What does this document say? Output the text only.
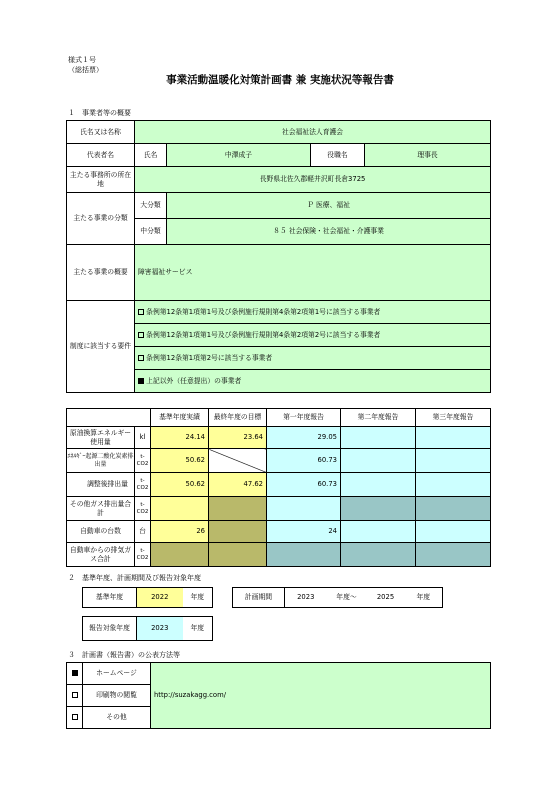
様式１号
（総括票）
事業活動温暖化対策計画書 兼 実施状況等報告書
１　事業者等の概要
氏名又は名称	社会福祉法人育護会			
代表者名	氏名	中澤成子	役職名	理事長
主たる事務所の所在地	長野県北佐久郡軽井沢町長倉3725			
主たる事業の分類	大分類	Ｐ 医療、福祉		
	中分類	８５ 社会保険・社会福祉・介護事業		
主たる事業の概要	障害福祉サービス			
制度に該当する要件	条例第12条第1項第1号及び条例施行規則第4条第2項第1号に該当する事業者			
	条例第12条第1項第1号及び条例施行規則第4条第2項第2号に該当する事業者			
	条例第12条第1項第2号に該当する事業者			
	上記以外（任意提出）の事業者			
		基準年度実績	最終年度の目標	第一年度報告	第二年度報告	第三年度報告
原油換算エネルギー使用量	kl	24.14	23.64	29.05		
ｴﾈﾙｷﾞｰ起源二酸化炭素排出量	t-CO2	50.62		60.73		
調整後排出量	t-CO2	50.62	47.62	60.73		
その他ガス排出量合計	t-CO2					
自動車の台数	台	26		24		
自動車からの排気ガス合計	t-CO2					
２　基準年度、計画期間及び報告対象年度
基準年度	2022	年度	計画期間	2023	年度～	2025	年度
報告対象年度	2023	年度
３　計画書（報告書）の公表方法等
	ホームページ	http://suzakagg.com/
	印刷物の閲覧	
	その他	
